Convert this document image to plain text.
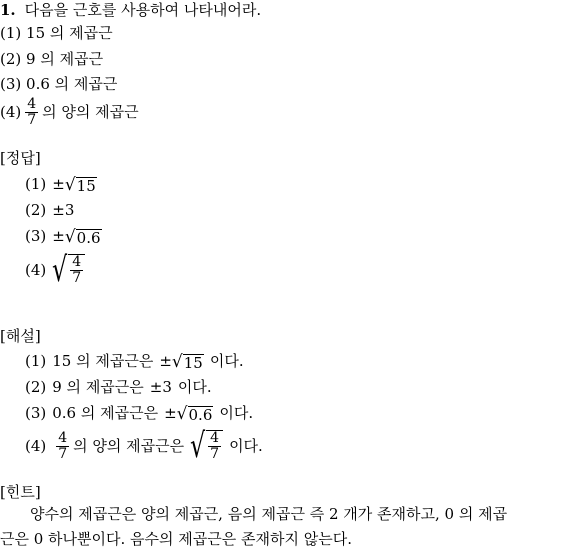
1. 다음을 근호를 사용하여 나타내어라.
(1) 15 의 제곱근
(2) 9 의 제곱근
(3) 0.6 의 제곱근
$(4) \frac{4}{7}$ 의 양의 제곱근
[정답]
(1) ± √ 15
(2) ±3
(3) ± √ 0.6
(4) √ $\frac{4}{7}$
[해설]
(1) 15 의 제곱근은 ± √ 15 이다.
(2) 9 의 제곱근은 ±3 이다.
(3) 0.6 의 제곱근은 ± √ 0.6 이다.
$(4) \frac{4}{7}$ 의 양의 제곱근은 √ $\frac{4}{7}$ 이다.
[힌트]
양수의 제곱근은 양의 제곱근, 음의 제곱근 즉 2 개가 존재하고, 0 의 제곱
근은 0 하나뿐이다. 음수의 제곱근은 존재하지 않는다.
